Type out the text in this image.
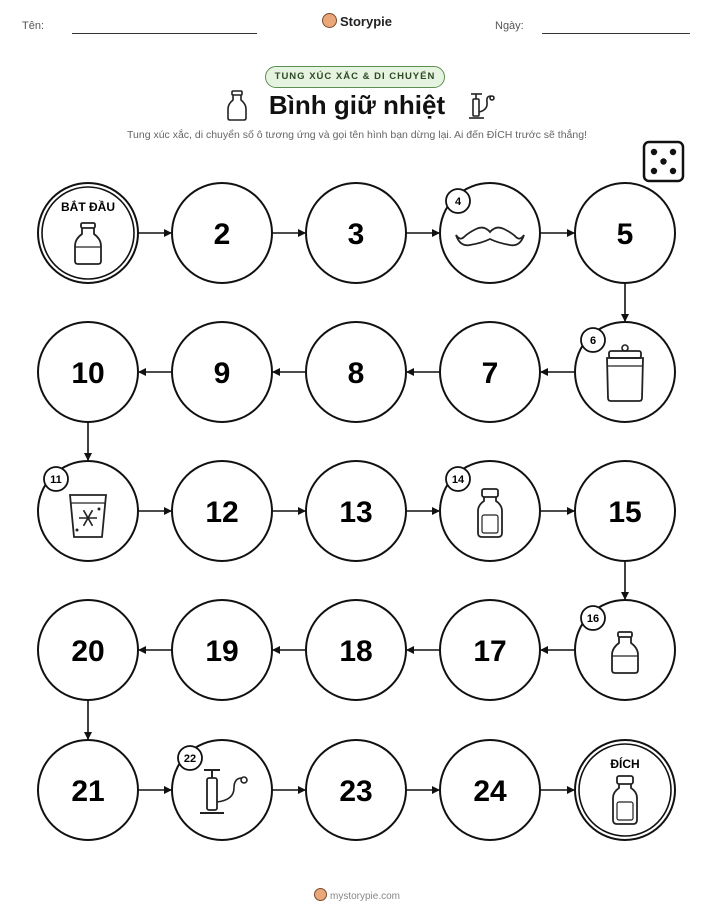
Tên:	Ngày:
Storypie
TUNG XÚC XẮC & DI CHUYỂN
Bình giữ nhiệt
Tung xúc xắc, di chuyển số ô tương ứng và gọi tên hình bạn dừng lại. Ai đến ĐÍCH trước sẽ thắng!
BẮT ĐẦU
2	3
4
5
6
7
8
9
10
11
12	13
14
15
16
17
18
19
20
21
22
23	24
ĐÍCH
mystorypie.com
